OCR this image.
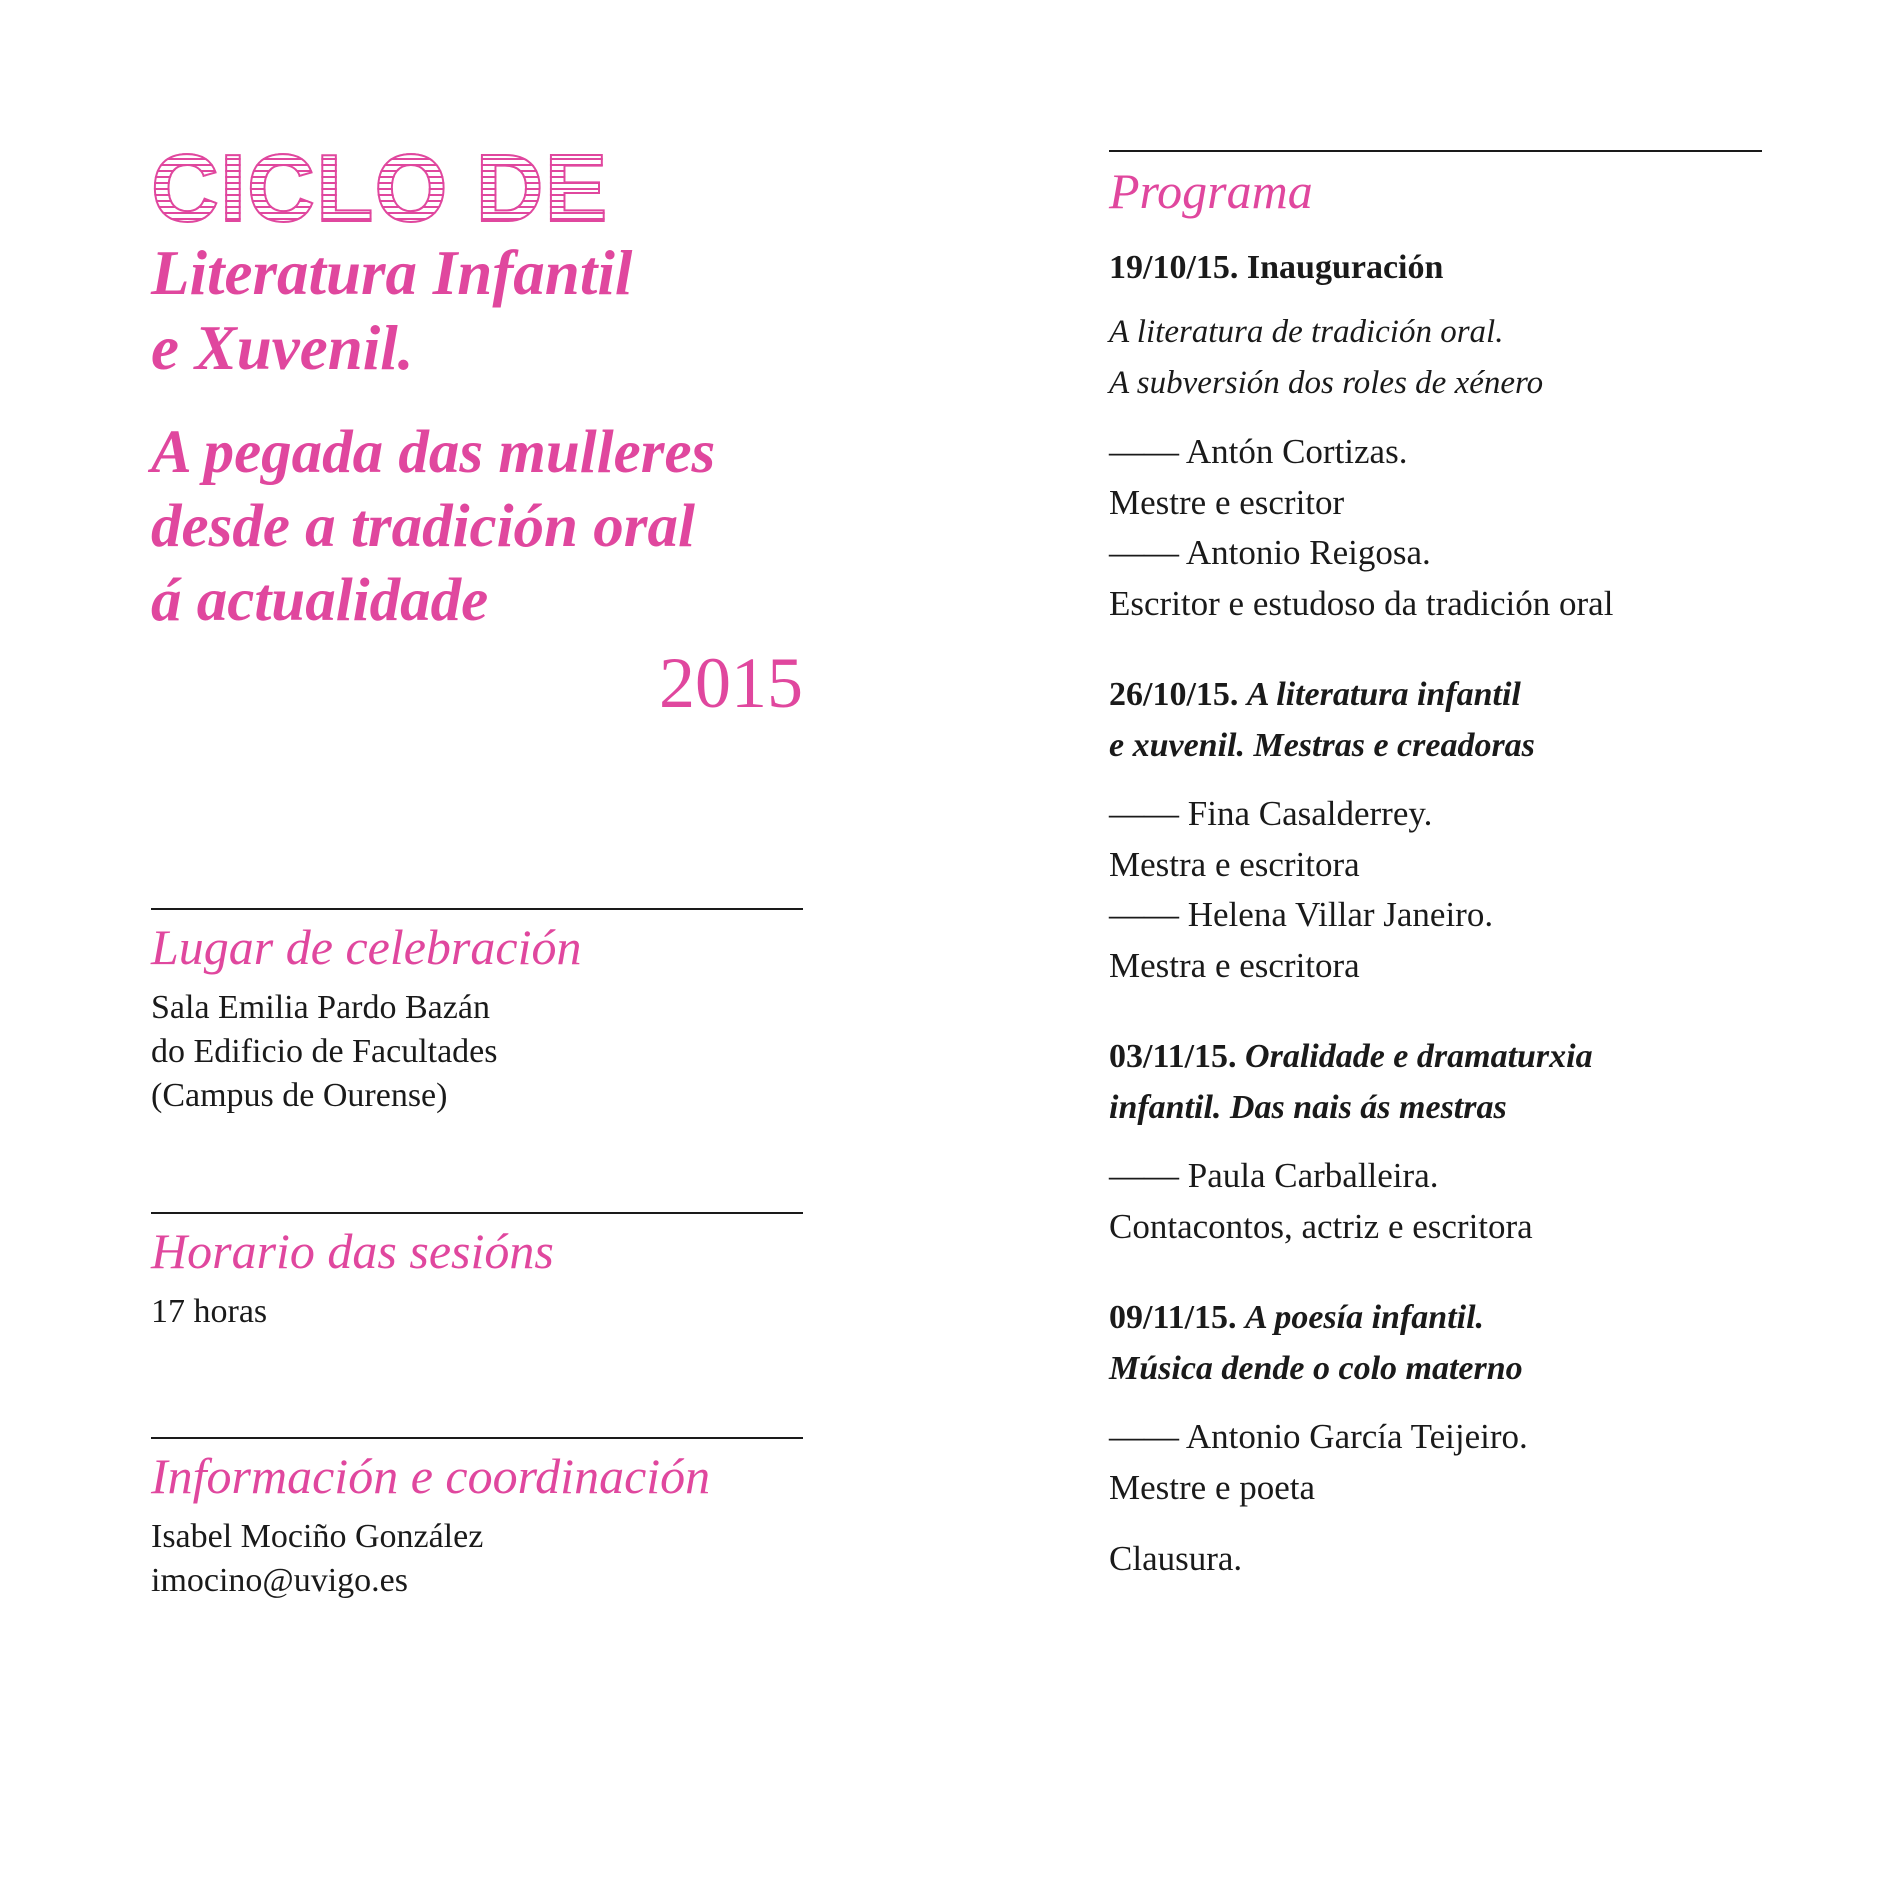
CICLO DE
Literatura Infantil
e Xuvenil.
A pegada das mulleres
desde a tradición oral
á actualidade
2015
Lugar de celebración
Sala Emilia Pardo Bazán
do Edificio de Facultades
(Campus de Ourense)
Horario das sesións
17 horas
Información e coordinación
Isabel Mociño González
imocino@uvigo.es
Programa
19/10/15. Inauguración
A literatura de tradición oral.
A subversión dos roles de xénero
—— Antón Cortizas.
Mestre e escritor
—— Antonio Reigosa.
Escritor e estudoso da tradición oral
26/10/15. A literatura infantil
e xuvenil. Mestras e creadoras
—— Fina Casalderrey.
Mestra e escritora
—— Helena Villar Janeiro.
Mestra e escritora
03/11/15. Oralidade e dramaturxia
infantil. Das nais ás mestras
—— Paula Carballeira.
Contacontos, actriz e escritora
09/11/15. A poesía infantil.
Música dende o colo materno
—— Antonio García Teijeiro.
Mestre e poeta
Clausura.
